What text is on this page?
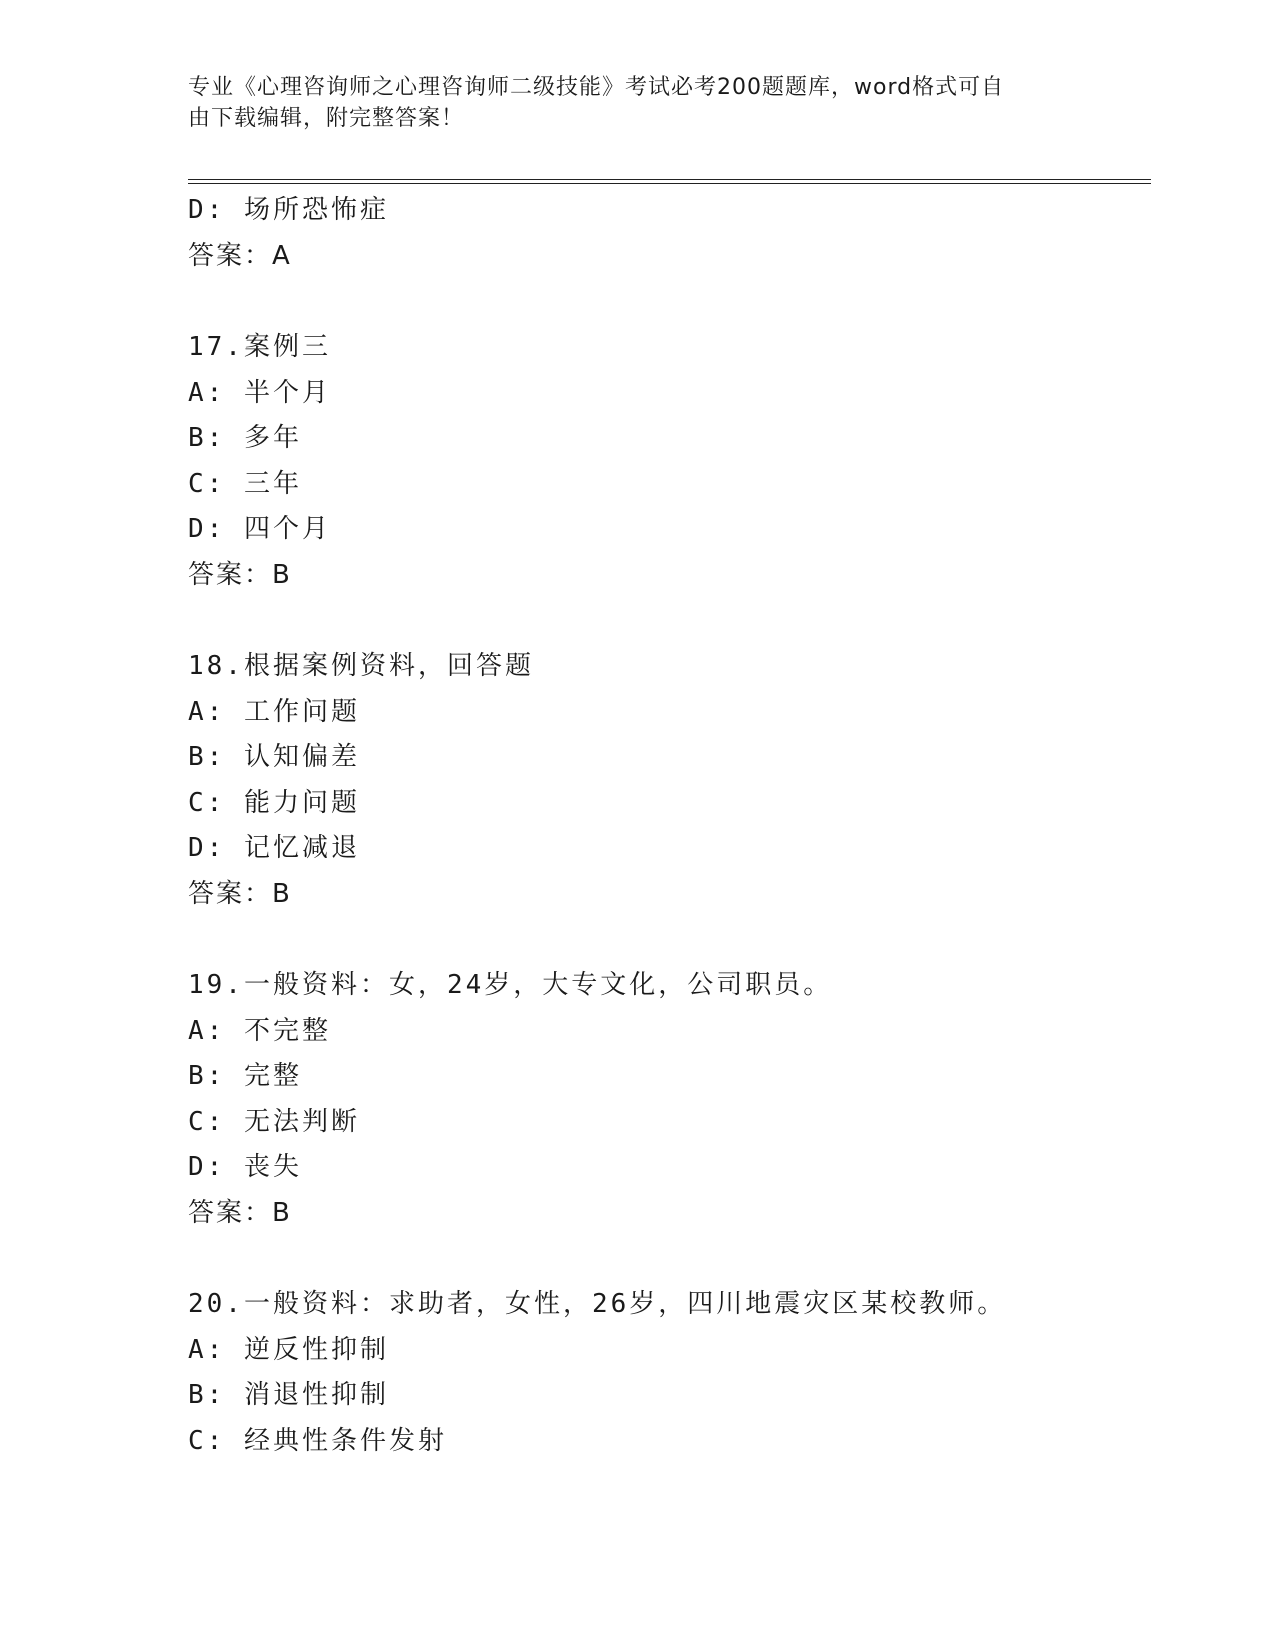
专业《心理咨询师之心理咨询师二级技能》考试必考200题题库，word格式可自
由下载编辑，附完整答案！
D: 场所恐怖症
答案：A
17.案例三
A: 半个月
B: 多年
C: 三年
D: 四个月
答案：B
18.根据案例资料，回答题
A: 工作问题
B: 认知偏差
C: 能力问题
D: 记忆减退
答案：B
19.一般资料：女，24岁，大专文化，公司职员。
A: 不完整
B: 完整
C: 无法判断
D: 丧失
答案：B
20.一般资料：求助者，女性，26岁，四川地震灾区某校教师。
A: 逆反性抑制
B: 消退性抑制
C: 经典性条件发射
